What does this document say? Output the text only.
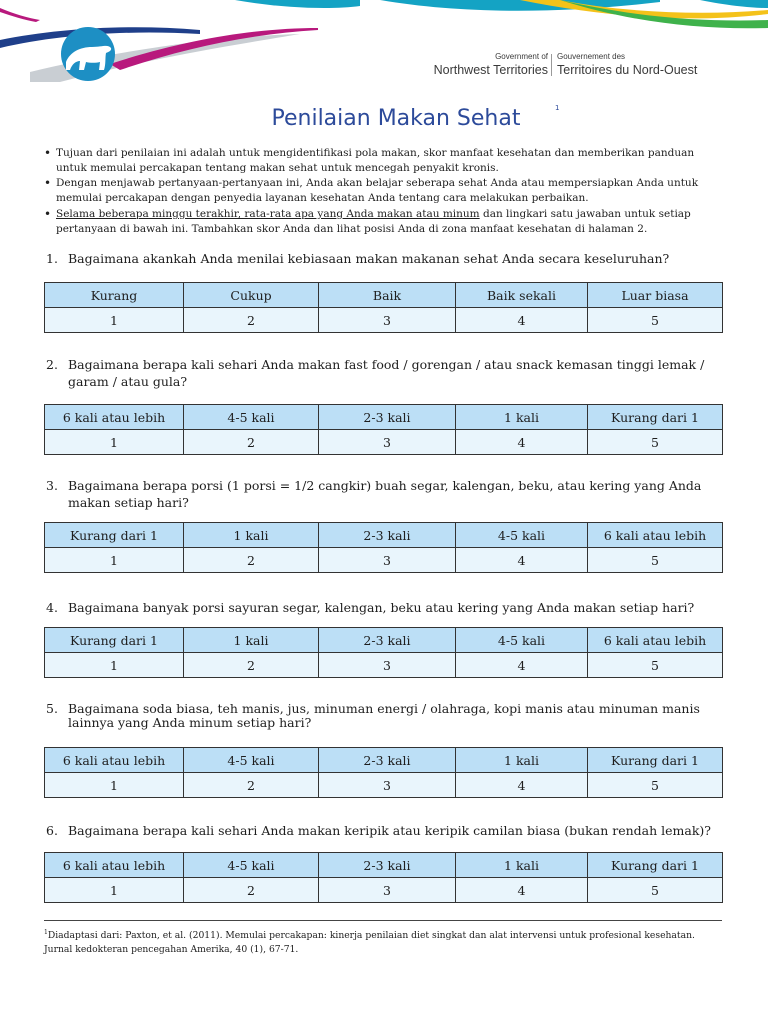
Government of
Northwest Territories
Gouvernement des
Territoires du Nord-Ouest
Penilaian Makan Sehat	1
• Tujuan dari penilaian ini adalah untuk mengidentifikasi pola makan, skor manfaat kesehatan dan memberikan panduan untuk memulai percakapan tentang makan sehat untuk mencegah penyakit kronis.
• Dengan menjawab pertanyaan-pertanyaan ini, Anda akan belajar seberapa sehat Anda atau mempersiapkan Anda untuk memulai percakapan dengan penyedia layanan kesehatan Anda tentang cara melakukan perbaikan.
• Selama beberapa minggu terakhir, rata-rata apa yang Anda makan atau minum dan lingkari satu jawaban untuk setiap pertanyaan di bawah ini. Tambahkan skor Anda dan lihat posisi Anda di zona manfaat kesehatan di halaman 2.
1. Bagaimana akankah Anda menilai kebiasaan makan makanan sehat Anda secara keseluruhan?
Kurang	Cukup	Baik	Baik sekali	Luar biasa
1	2	3	4	5
2. Bagaimana berapa kali sehari Anda makan fast food / gorengan / atau snack kemasan tinggi lemak / garam / atau gula?
6 kali atau lebih	4-5 kali	2-3 kali	1 kali	Kurang dari 1
1	2	3	4	5
3. Bagaimana berapa porsi (1 porsi = 1/2 cangkir) buah segar, kalengan, beku, atau kering yang Anda makan setiap hari?
Kurang dari 1	1 kali	2-3 kali	4-5 kali	6 kali atau lebih
1	2	3	4	5
4. Bagaimana banyak porsi sayuran segar, kalengan, beku atau kering yang Anda makan setiap hari?
Kurang dari 1	1 kali	2-3 kali	4-5 kali	6 kali atau lebih
1	2	3	4	5
5. Bagaimana soda biasa, teh manis, jus, minuman energi / olahraga, kopi manis atau minuman manis lainnya yang Anda minum setiap hari?
6 kali atau lebih	4-5 kali	2-3 kali	1 kali	Kurang dari 1
1	2	3	4	5
6. Bagaimana berapa kali sehari Anda makan keripik atau keripik camilan biasa (bukan rendah lemak)?
6 kali atau lebih	4-5 kali	2-3 kali	1 kali	Kurang dari 1
1	2	3	4	5
$^1$Diadaptasi dari: Paxton, et al. (2011). Memulai percakapan: kinerja penilaian diet singkat dan alat intervensi untuk profesional kesehatan. Jurnal kedokteran pencegahan Amerika, 40 (1), 67-71.
